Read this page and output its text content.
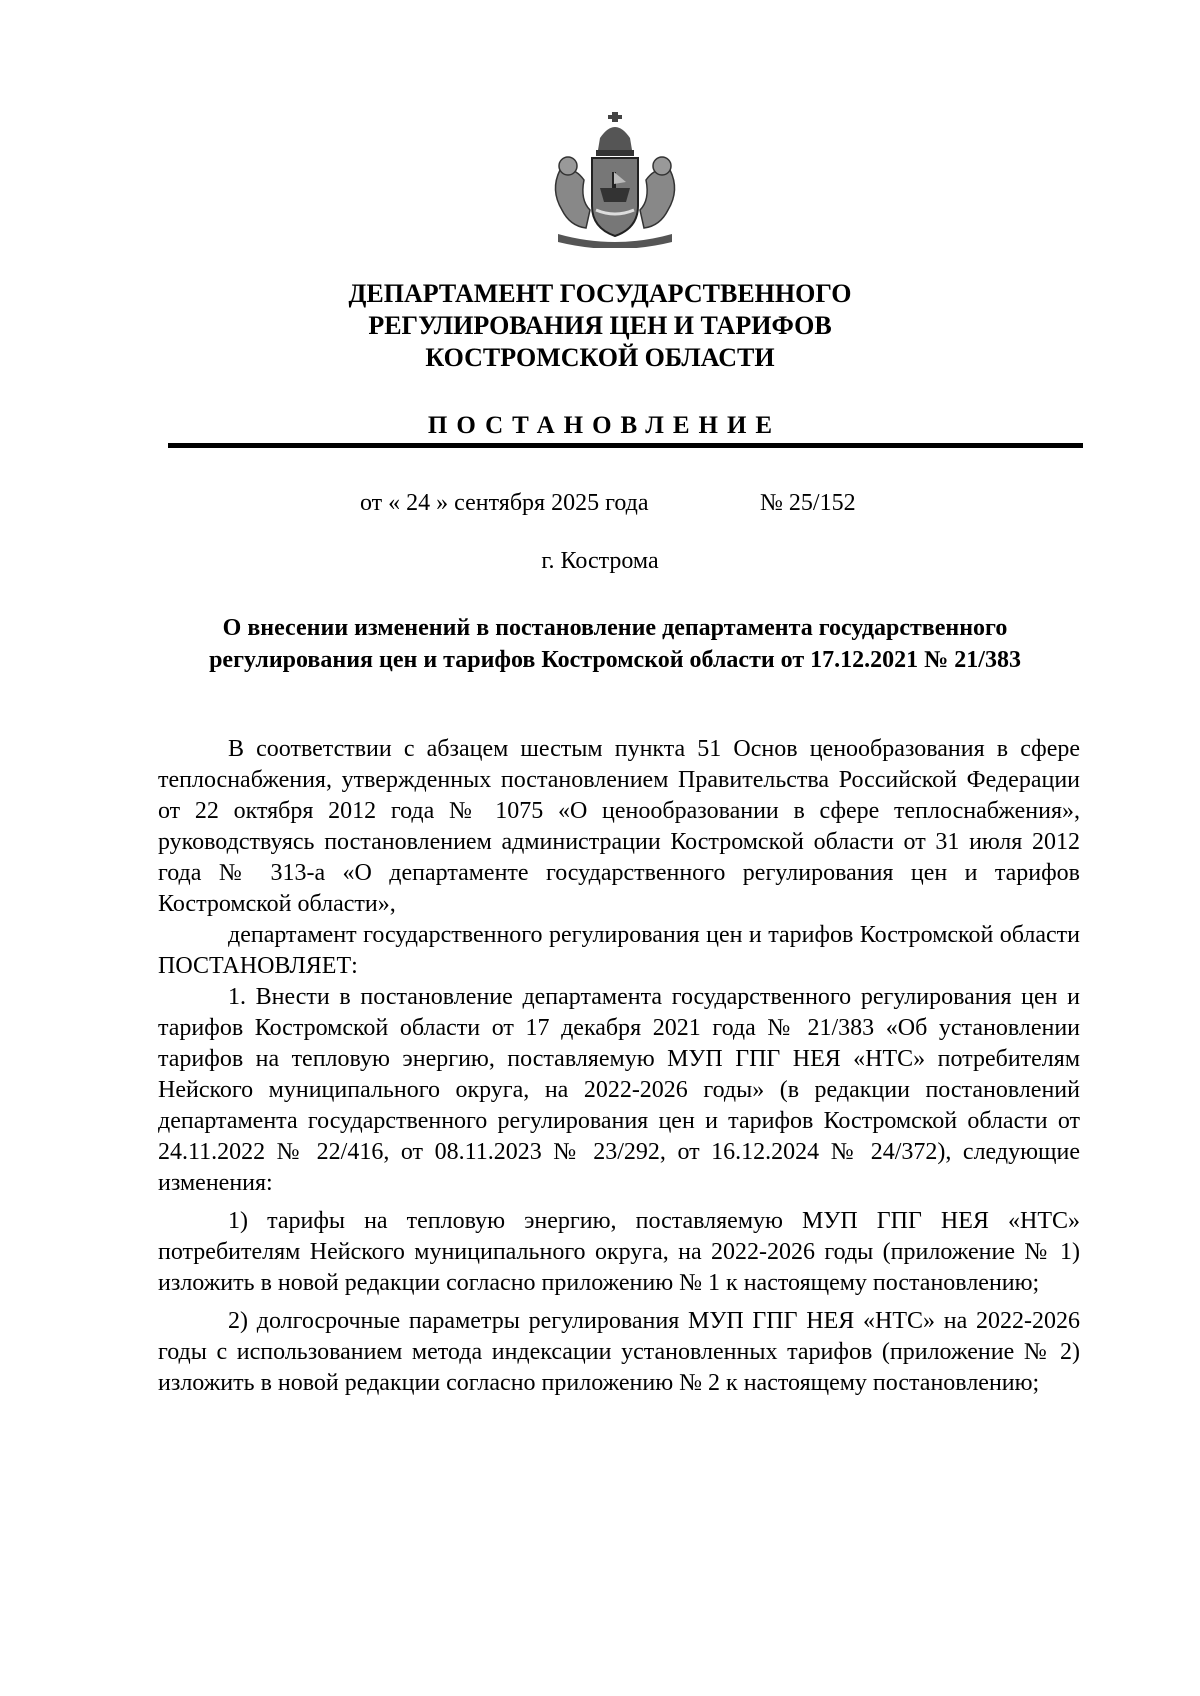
ДЕПАРТАМЕНТ ГОСУДАРСТВЕННОГО
РЕГУЛИРОВАНИЯ ЦЕН И ТАРИФОВ
КОСТРОМСКОЙ ОБЛАСТИ
ПОСТАНОВЛЕНИЕ
от « 24 » сентября 2025 года	№ 25/152
г. Кострома
О внесении изменений в постановление департамента государственного
регулирования цен и тарифов Костромской области от 17.12.2021 № 21/383

В соответствии с абзацем шестым пункта 51 Основ ценообразования в сфере теплоснабжения, утвержденных постановлением Правительства Российской Федерации от 22 октября 2012 года № 1075 «О ценообразовании в сфере теплоснабжения», руководствуясь постановлением администрации Костромской области от 31 июля 2012 года № 313-а «О департаменте государственного регулирования цен и тарифов Костромской области»,

департамент государственного регулирования цен и тарифов Костромской области ПОСТАНОВЛЯЕТ:

1. Внести в постановление департамента государственного регулирования цен и тарифов Костромской области от 17 декабря 2021 года № 21/383 «Об установлении тарифов на тепловую энергию, поставляемую МУП ГПГ НЕЯ «НТС» потребителям Нейского муниципального округа, на 2022-2026 годы» (в редакции постановлений департамента государственного регулирования цен и тарифов Костромской области от 24.11.2022 № 22/416, от 08.11.2023 № 23/292, от 16.12.2024 № 24/372), следующие изменения:

1) тарифы на тепловую энергию, поставляемую МУП ГПГ НЕЯ «НТС» потребителям Нейского муниципального округа, на 2022-2026 годы (приложение № 1) изложить в новой редакции согласно приложению № 1 к настоящему постановлению;

2) долгосрочные параметры регулирования МУП ГПГ НЕЯ «НТС» на 2022-2026 годы с использованием метода индексации установленных тарифов (приложение № 2) изложить в новой редакции согласно приложению № 2 к настоящему постановлению;
